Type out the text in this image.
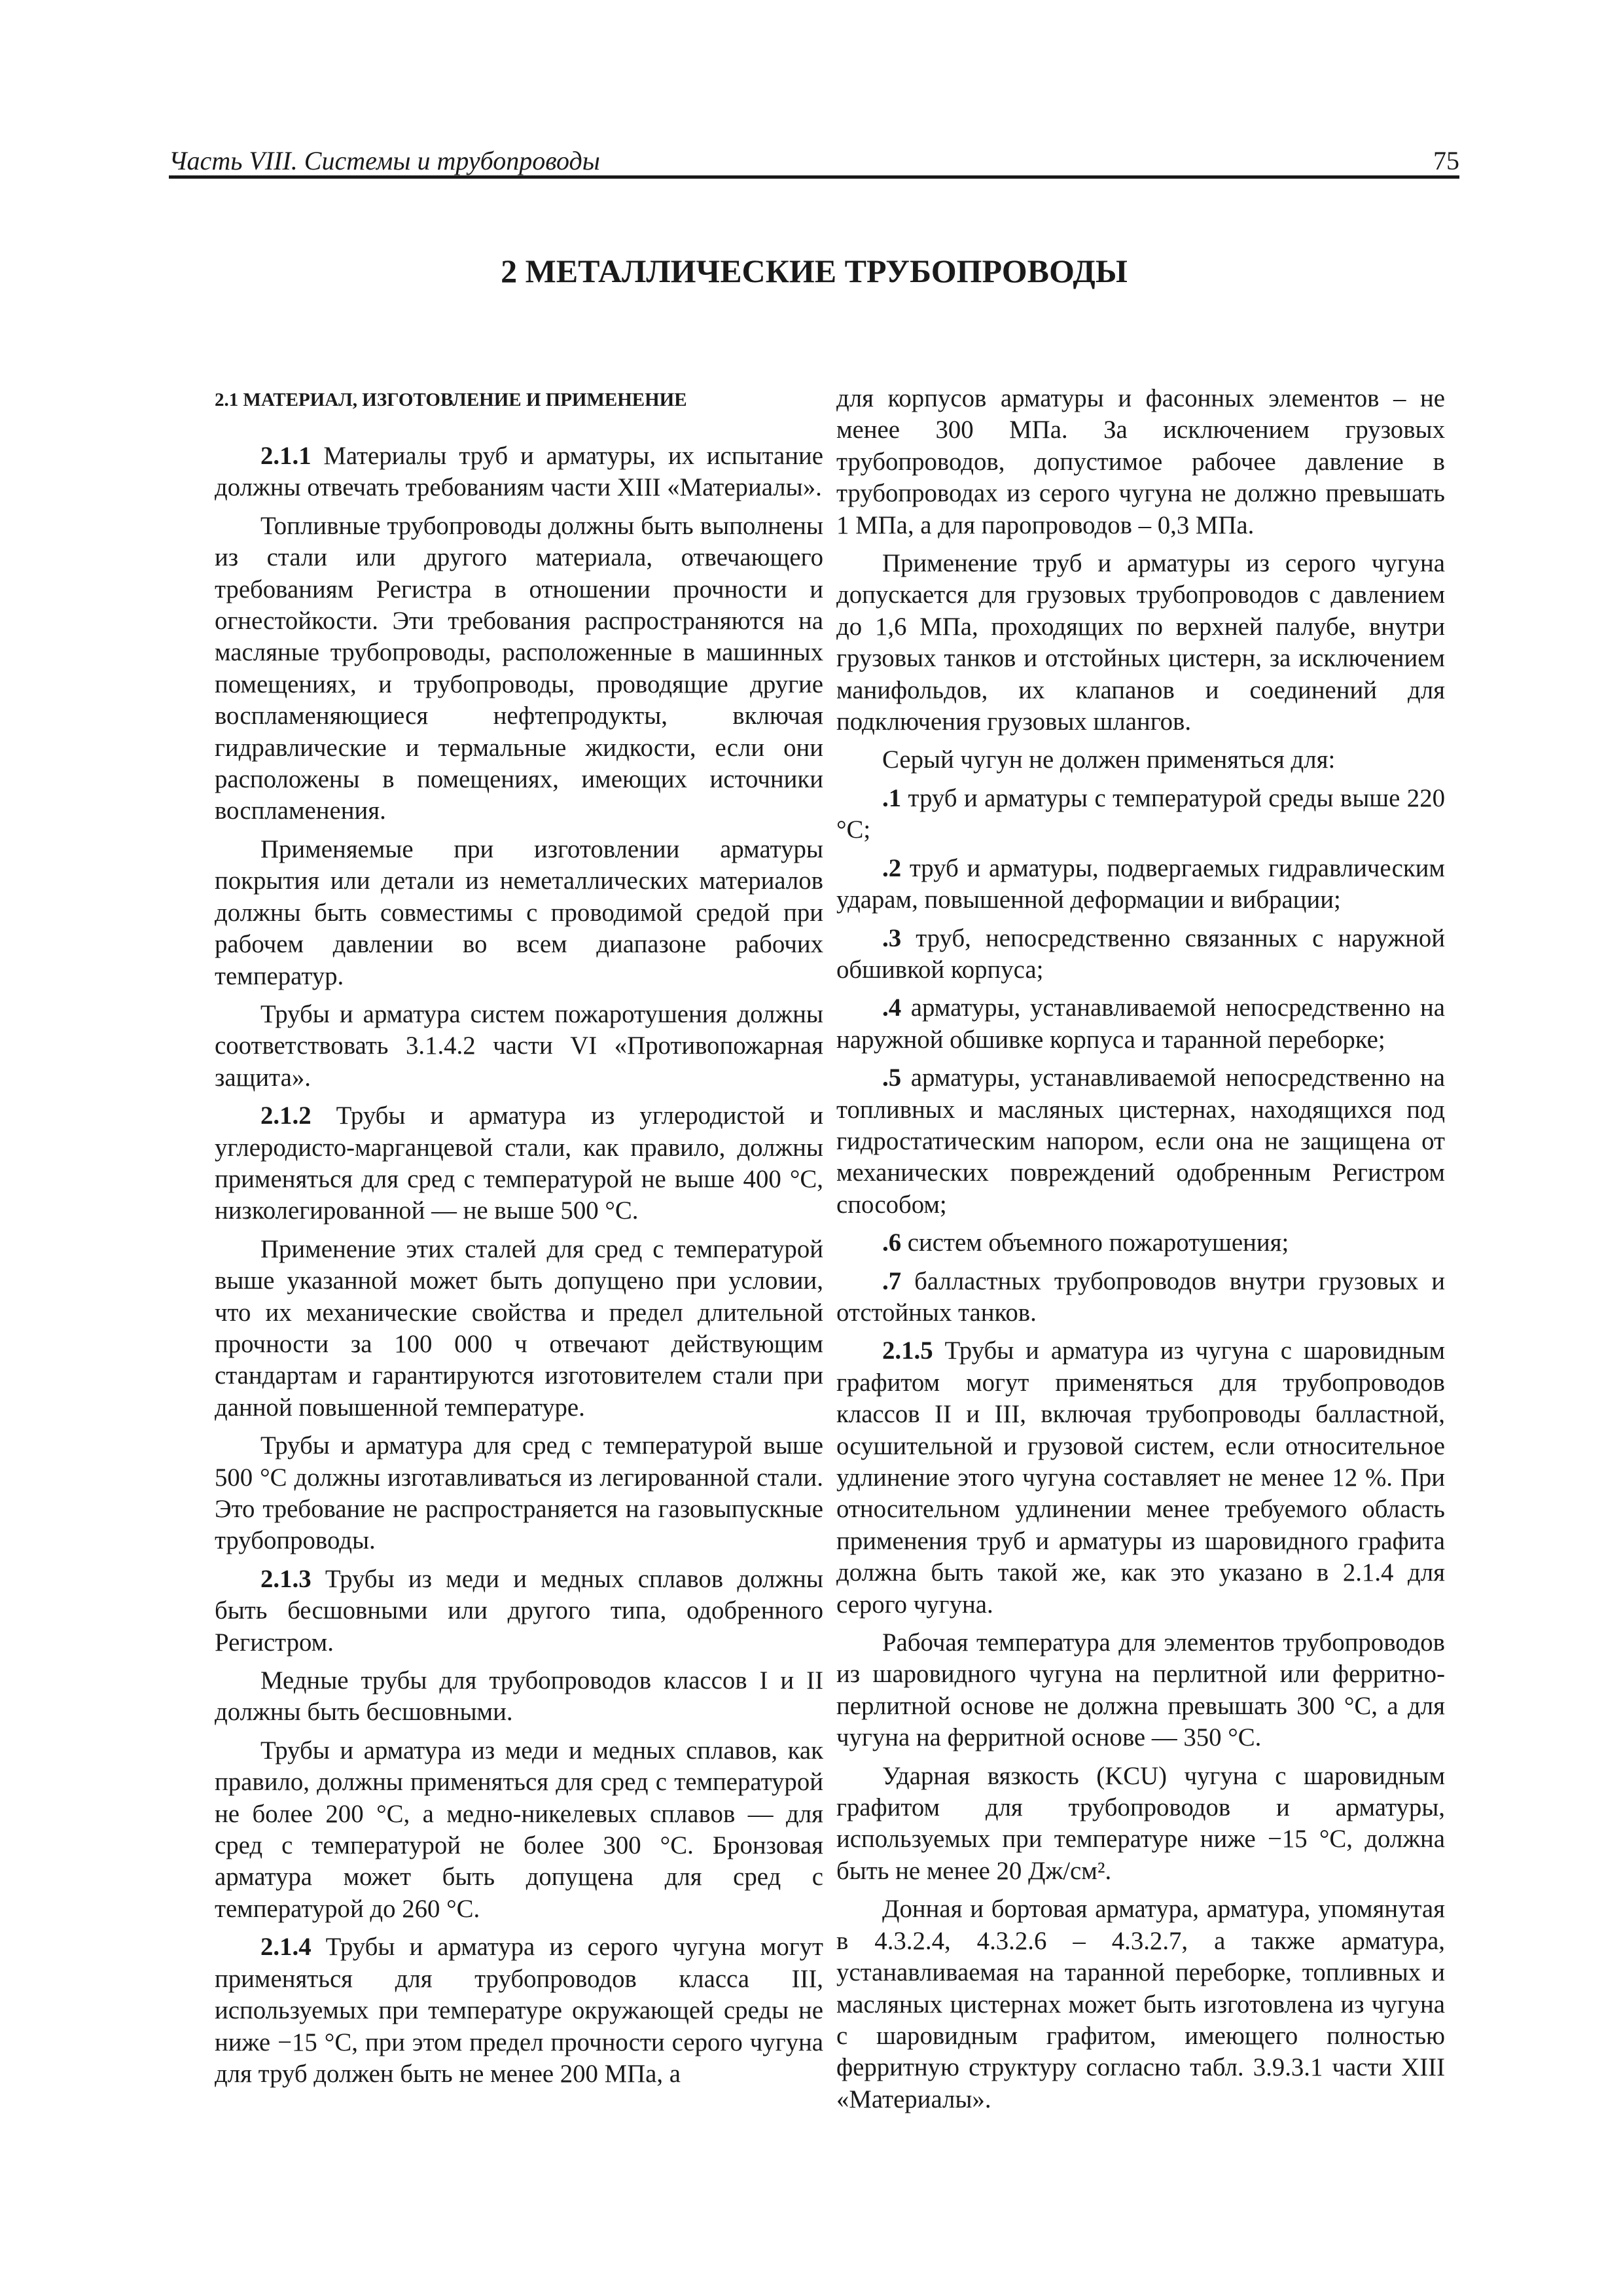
Часть VIII. Системы и трубопроводы	75
2 МЕТАЛЛИЧЕСКИЕ ТРУБОПРОВОДЫ

2.1 МАТЕРИАЛ, ИЗГОТОВЛЕНИЕ И ПРИМЕНЕНИЕ

2.1.1 Материалы труб и арматуры, их испытание должны отвечать требованиям части XIII «Материалы».

Топливные трубопроводы должны быть выполнены из стали или другого материала, отвечающего требованиям Регистра в отношении прочности и огнестойкости. Эти требования распространяются на масляные трубопроводы, расположенные в машинных помещениях, и трубопроводы, проводящие другие воспламеняющиеся нефтепродукты, включая гидравлические и термальные жидкости, если они расположены в помещениях, имеющих источники воспламенения.

Применяемые при изготовлении арматуры покрытия или детали из неметаллических материалов должны быть совместимы с проводимой средой при рабочем давлении во всем диапазоне рабочих температур.

Трубы и арматура систем пожаротушения должны соответствовать 3.1.4.2 части VI «Противопожарная защита».

2.1.2 Трубы и арматура из углеродистой и углеродисто-марганцевой стали, как правило, должны применяться для сред с температурой не выше 400 °С, низколегированной — не выше 500 °С.

Применение этих сталей для сред с температурой выше указанной может быть допущено при условии, что их механические свойства и предел длительной прочности за 100 000 ч отвечают действующим стандартам и гарантируются изготовителем стали при данной повышенной температуре.

Трубы и арматура для сред с температурой выше 500 °С должны изготавливаться из легированной стали. Это требование не распространяется на газовыпускные трубопроводы.

2.1.3 Трубы из меди и медных сплавов должны быть бесшовными или другого типа, одобренного Регистром.

Медные трубы для трубопроводов классов I и II должны быть бесшовными.

Трубы и арматура из меди и медных сплавов, как правило, должны применяться для сред с температурой не более 200 °С, а медно-никелевых сплавов — для сред с температурой не более 300 °С. Бронзовая арматура может быть допущена для сред с температурой до 260 °С.

2.1.4 Трубы и арматура из серого чугуна могут применяться для трубопроводов класса III, используемых при температуре окружающей среды не ниже −15 °С, при этом предел прочности серого чугуна для труб должен быть не менее 200 МПа, а

для корпусов арматуры и фасонных элементов – не менее 300 МПа. За исключением грузовых трубопроводов, допустимое рабочее давление в трубопроводах из серого чугуна не должно превышать 1 МПа, а для паропроводов – 0,3 МПа.

Применение труб и арматуры из серого чугуна допускается для грузовых трубопроводов с давлением до 1,6 МПа, проходящих по верхней палубе, внутри грузовых танков и отстойных цистерн, за исключением манифольдов, их клапанов и соединений для подключения грузовых шлангов.

Серый чугун не должен применяться для:

.1 труб и арматуры с температурой среды выше 220 °С;

.2 труб и арматуры, подвергаемых гидравлическим ударам, повышенной деформации и вибрации;

.3 труб, непосредственно связанных с наружной обшивкой корпуса;

.4 арматуры, устанавливаемой непосредственно на наружной обшивке корпуса и таранной переборке;

.5 арматуры, устанавливаемой непосредственно на топливных и масляных цистернах, находящихся под гидростатическим напором, если она не защищена от механических повреждений одобренным Регистром способом;

.6 систем объемного пожаротушения;

.7 балластных трубопроводов внутри грузовых и отстойных танков.

2.1.5 Трубы и арматура из чугуна с шаровидным графитом могут применяться для трубопроводов классов II и III, включая трубопроводы балластной, осушительной и грузовой систем, если относительное удлинение этого чугуна составляет не менее 12 %. При относительном удлинении менее требуемого область применения труб и арматуры из шаровидного графита должна быть такой же, как это указано в 2.1.4 для серого чугуна.

Рабочая температура для элементов трубопроводов из шаровидного чугуна на перлитной или ферритно-перлитной основе не должна превышать 300 °С, а для чугуна на ферритной основе — 350 °С.

Ударная вязкость (KCU) чугуна с шаровидным графитом для трубопроводов и арматуры, используемых при температуре ниже −15 °С, должна быть не менее 20 Дж/см².

Донная и бортовая арматура, арматура, упомянутая в 4.3.2.4, 4.3.2.6 – 4.3.2.7, а также арматура, устанавливаемая на таранной переборке, топливных и масляных цистернах может быть изготовлена из чугуна с шаровидным графитом, имеющего полностью ферритную структуру согласно табл. 3.9.3.1 части XIII «Материалы».
